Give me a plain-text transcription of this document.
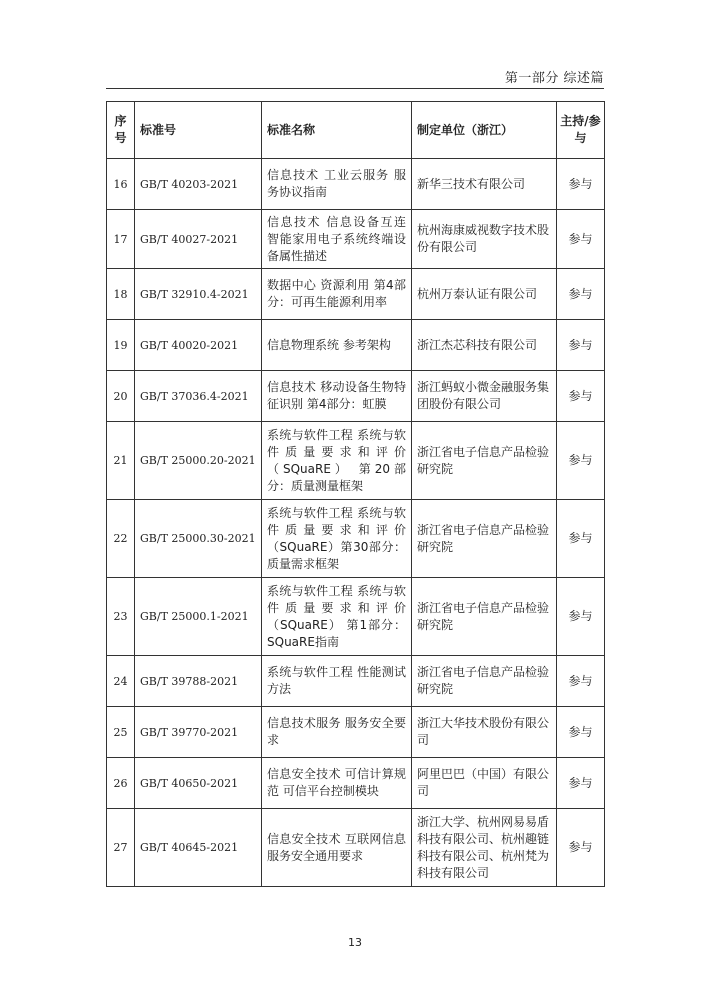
第一部分 综述篇
序号	标准号	标准名称	制定单位（浙江）	主持/参与
16	GB/T 40203-2021	信息技术 工业云服务 服务协议指南	新华三技术有限公司	参与
17	GB/T 40027-2021	信息技术 信息设备互连 智能家用电子系统终端设备属性描述	杭州海康威视数字技术股份有限公司	参与
18	GB/T 32910.4-2021	数据中心 资源利用 第4部分：可再生能源利用率	杭州万泰认证有限公司	参与
19	GB/T 40020-2021	信息物理系统 参考架构	浙江杰芯科技有限公司	参与
20	GB/T 37036.4-2021	信息技术 移动设备生物特征识别 第4部分：虹膜	浙江蚂蚁小微金融服务集团股份有限公司	参与
21	GB/T 25000.20-2021	系统与软件工程 系统与软件质量要求和评价（SQuaRE） 第20部分：质量测量框架	浙江省电子信息产品检验研究院	参与
22	GB/T 25000.30-2021	系统与软件工程 系统与软件质量要求和评价（SQuaRE）第30部分：质量需求框架	浙江省电子信息产品检验研究院	参与
23	GB/T 25000.1-2021	系统与软件工程 系统与软件质量要求和评价（SQuaRE） 第1部分：SQuaRE指南	浙江省电子信息产品检验研究院	参与
24	GB/T 39788-2021	系统与软件工程 性能测试方法	浙江省电子信息产品检验研究院	参与
25	GB/T 39770-2021	信息技术服务 服务安全要求	浙江大华技术股份有限公司	参与
26	GB/T 40650-2021	信息安全技术 可信计算规范 可信平台控制模块	阿里巴巴（中国）有限公司	参与
27	GB/T 40645-2021	信息安全技术 互联网信息服务安全通用要求	浙江大学、杭州网易易盾科技有限公司、杭州趣链科技有限公司、杭州梵为科技有限公司	参与
13
